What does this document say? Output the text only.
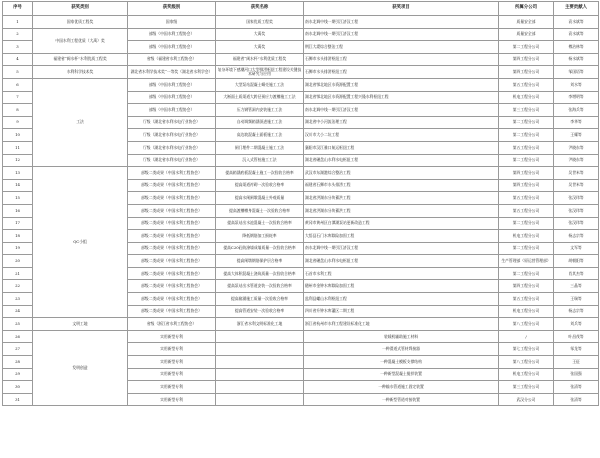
序号	获奖类别	获奖级别	获奖名称	获奖项目	所属分公司	主要贡献人
1	国家优质工程奖	国家级	国家优质工程奖	南水北调中线一期引江济汉工程	质量安全部	袁水斌等
2	中国水利工程优质（大禹）奖	部级（中国水利工程协会）	大禹奖	南水北调中线一期引江济汉工程	质量安全部	袁水斌等
3		部级（中国水利工程协会）	大禹奖	荆江大堤综合整治工程	第二工程分公司	傅治林等
4	福建省“闽水杯”水利优质工程奖	省级（福建省水利工程协会）	福建省“闽水杯”水利优质工程奖	石狮市水头排涝枢纽工程	第四工程分公司	杨水斌等
5	水利科学技术奖	湖北省水利学技术奖“一等奖（湖北省水利学会）	复杂环境下感潮河口大型排涝枢纽工程建设关键技术研究与应用	石狮市水头排涝枢纽工程	第四工程分公司	邹国语等
6	工法	部级（中国水利工程协会）	大型泵站混凝土蜗壳施工工法	湖北省鄂北地区水资源配置工程	第五工程分公司	刘水等
7		部级（中国水利工程协会）	大断面土质渠道大跨径预应力渡槽施工工法	湖北省鄂北地区水资源配置工程兴隆水利枢纽工程	机电工程分公司	李增明等
8		部级（中国水利工程协会）	压力钢管洞内安装施工工法	南水北调中线一期引江济汉工程	第三工程分公司	张海兵等
9		厅级（湖北省水利水电行业协会）	自动调频箱涵顶进施工工法	湖北省中小河流治理工程	第二工程分公司	李华等
10		厅级（湖北省水利水电行业协会）	高边坡混凝土面板施工工法	汉川市大小二坑工程	第二工程分公司	王耀等
11		厅级（湖北省水利水电行业协会）	闸门埋件二期混凝土施工工法	襄阳市汉江雅口航运枢纽工程	第五工程分公司	尹晓东等
12		厅级（湖北省水利水电行业协会）	沉入式管桩施工工法	湖北省碾盘山水利水电枢纽工程	第二工程分公司	尹晓东等
13	QC小组	部级二类成果（中国水利工程协会）	提高箱涵底板混凝土施工一次验收合格率	武汉市东湖港综合整治工程	第四工程分公司	吴世米等
14		部级二类成果（中国水利工程协会）	提高渠道衬砌一次验收合格率	福建省石狮市水头排涝工程	第四工程分公司	吴世米等
15		部级二类成果（中国水利工程协会）	提高水闸闸墩混凝土外观质量	湖北省洪湖东分块蓄洪工程	第五工程分公司	张汉玮等
16		部级二类成果（中国水利工程协会）	提高渡槽槽身混凝土一次验收合格率	湖北省洪湖东分块蓄洪工程	第五工程分公司	张汉玮等
17		部级二类成果（中国水利工程协会）	提高泵站出水池混凝土一次验收合格率	黄冈市黄州区白潭湖泵站更新改造工程	第二工程分公司	张汉玮等
18		部级二类成果（中国水利工程协会）	降低钢筋加工损耗率	大悟县石门水库除险加固工程	机电工程分公司	杨志宗等
19		部级二类成果（中国水利工程协会）	提高C20砼防渗墙成墙质量一次验收合格率	南水北调中线一期引江济汉工程	第二工程分公司	文军等
20		部级二类成果（中国水利工程协会）	提高闸墩钢筋保护层合格率	湖北省碾盘山水利水电枢纽工程	生产管理部（原运营管理部）	胡朝阳等
21		部级二类成果（中国水利工程协会）	提高大体积混凝土浇筑质量一次验收合格率	石首市水利工程	第二工程分公司	肖其杰等
22		部级二类成果（中国水利工程协会）	提高泵站出水管道安装一次验收合格率	随州市金钟水库除险加固工程	第四工程分公司	三晶等
23		部级二类成果（中国水利工程协会）	提高箱涵施工质量一次验收合格率	监利县螺山水利枢纽工程	第五工程分公司	王瑞等
24		部级二类成果（中国水利工程协会）	提高管道安装一次验收合格率	四川省升钟水库灌区二期工程	机电工程分公司	杨志宗等
25	文明工地	省级（浙江省水利工程协会）	浙江省水利文明标准化工地	浙江省杭州市水利工程建设标准化工地	第八工程分公司	刘兵等
26	发明创造	实用新型专利		装载机辅助施工材料	/	叶昌茂等
27		实用新型专利		一种滑道式管材焊接器	第七工程分公司	邹龙等
28		实用新型专利		一种混凝土模板支撑结构	第八工程分公司	王征
29		实用新型专利		一种新型混凝土搅拌装置	机电工程分公司	张国强
30		实用新型专利		一种输水管道施工固定装置	第三工程分公司	张清等
31		实用新型专利		一种新型管道对接装置	武汉分公司	张清等
